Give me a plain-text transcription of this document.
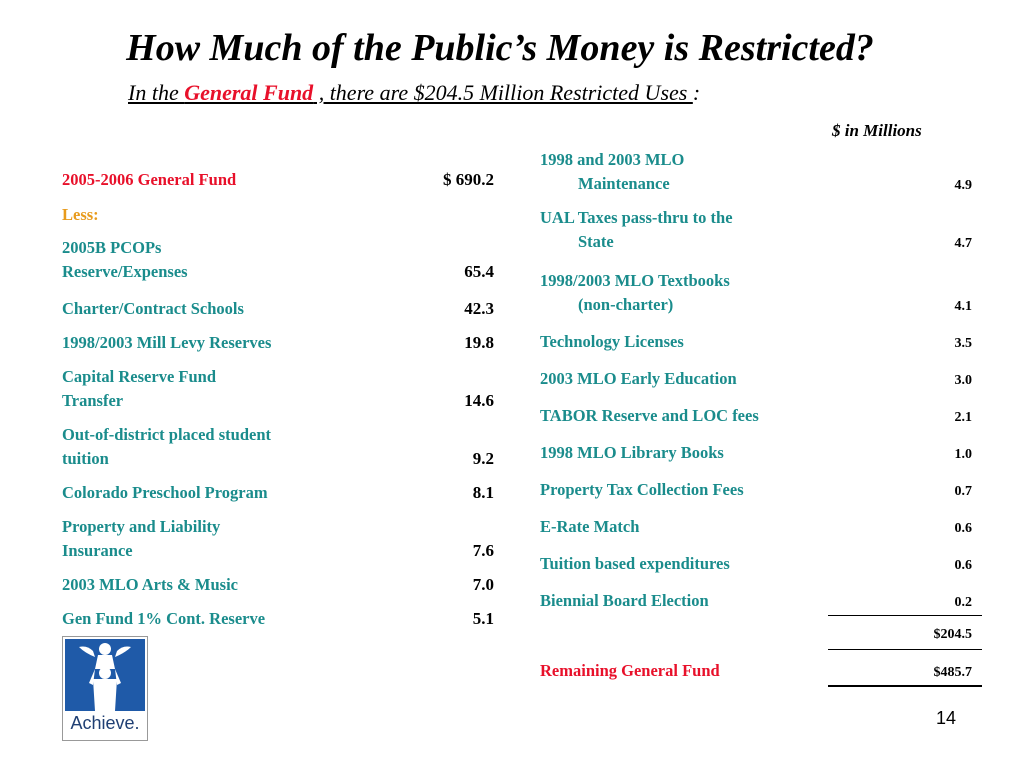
How Much of the Public’s Money is Restricted?
In the General Fund , there are $204.5 Million Restricted Uses :
$ in Millions
2005-2006 General Fund	$ 690.2
Less:
2005B PCOPs
Reserve/Expenses	65.4
Charter/Contract Schools	42.3
1998/2003 Mill Levy Reserves	19.8
Capital Reserve Fund
Transfer	14.6
Out-of-district placed student
tuition	9.2
Colorado Preschool Program	8.1
Property and Liability
Insurance	7.6
2003 MLO Arts & Music	7.0
Gen Fund 1% Cont. Reserve	5.1
1998 and 2003 MLO

Maintenance	4.9
UAL Taxes pass-thru to the

State	4.7
1998/2003 MLO Textbooks

(non-charter)	4.1
Technology Licenses	3.5
2003 MLO Early Education	3.0
TABOR Reserve and LOC fees	2.1
1998 MLO Library Books	1.0
Property Tax Collection Fees	0.7
E-Rate Match	0.6
Tuition based expenditures	0.6
Biennial Board Election	0.2
$204.5
Remaining General Fund	$485.7
Achieve.	14
